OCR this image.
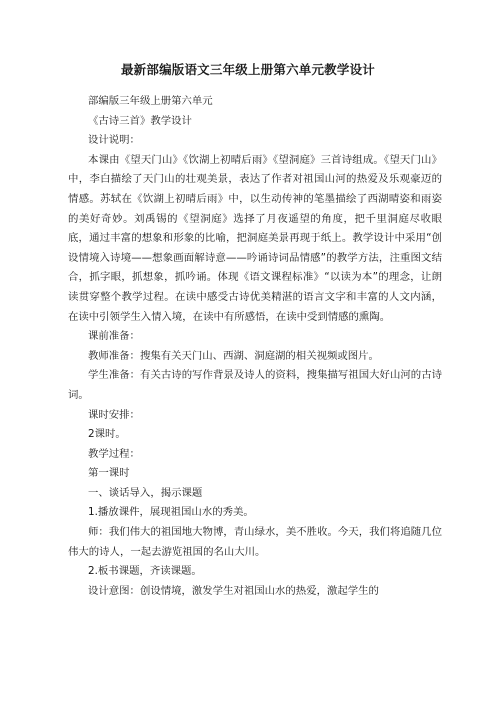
最新部编版语文三年级上册第六单元教学设计

部编版三年级上册第六单元

《古诗三首》教学设计

设计说明：

本课由《望天门山》《饮湖上初晴后雨》《望洞庭》三首诗组成。《望天门山》中，李白描绘了天门山的壮观美景，表达了作者对祖国山河的热爱及乐观豪迈的情感。苏轼在《饮湖上初晴后雨》中，以生动传神的笔墨描绘了西湖晴姿和雨姿的美好奇妙。刘禹锡的《望洞庭》选择了月夜遥望的角度，把千里洞庭尽收眼底，通过丰富的想象和形象的比喻，把洞庭美景再现于纸上。教学设计中采用“创设情境入诗境——想象画面解诗意——吟诵诗词品情感”的教学方法，注重图文结合，抓字眼，抓想象，抓吟诵。体现《语文课程标准》“以读为本”的理念，让朗读贯穿整个教学过程。在读中感受古诗优美精湛的语言文字和丰富的人文内涵，在读中引领学生入情入境，在读中有所感悟，在读中受到情感的熏陶。

课前准备：

教师准备：搜集有关天门山、西湖、洞庭湖的相关视频或图片。

学生准备：有关古诗的写作背景及诗人的资料，搜集描写祖国大好山河的古诗词。

课时安排：

2课时。

教学过程：

第一课时

一、谈话导入，揭示课题

1.播放课件，展现祖国山水的秀美。

师：我们伟大的祖国地大物博，青山绿水，美不胜收。今天，我们将追随几位伟大的诗人，一起去游览祖国的名山大川。

2.板书课题，齐读课题。

设计意图：创设情境，激发学生对祖国山水的热爱，激起学生的
